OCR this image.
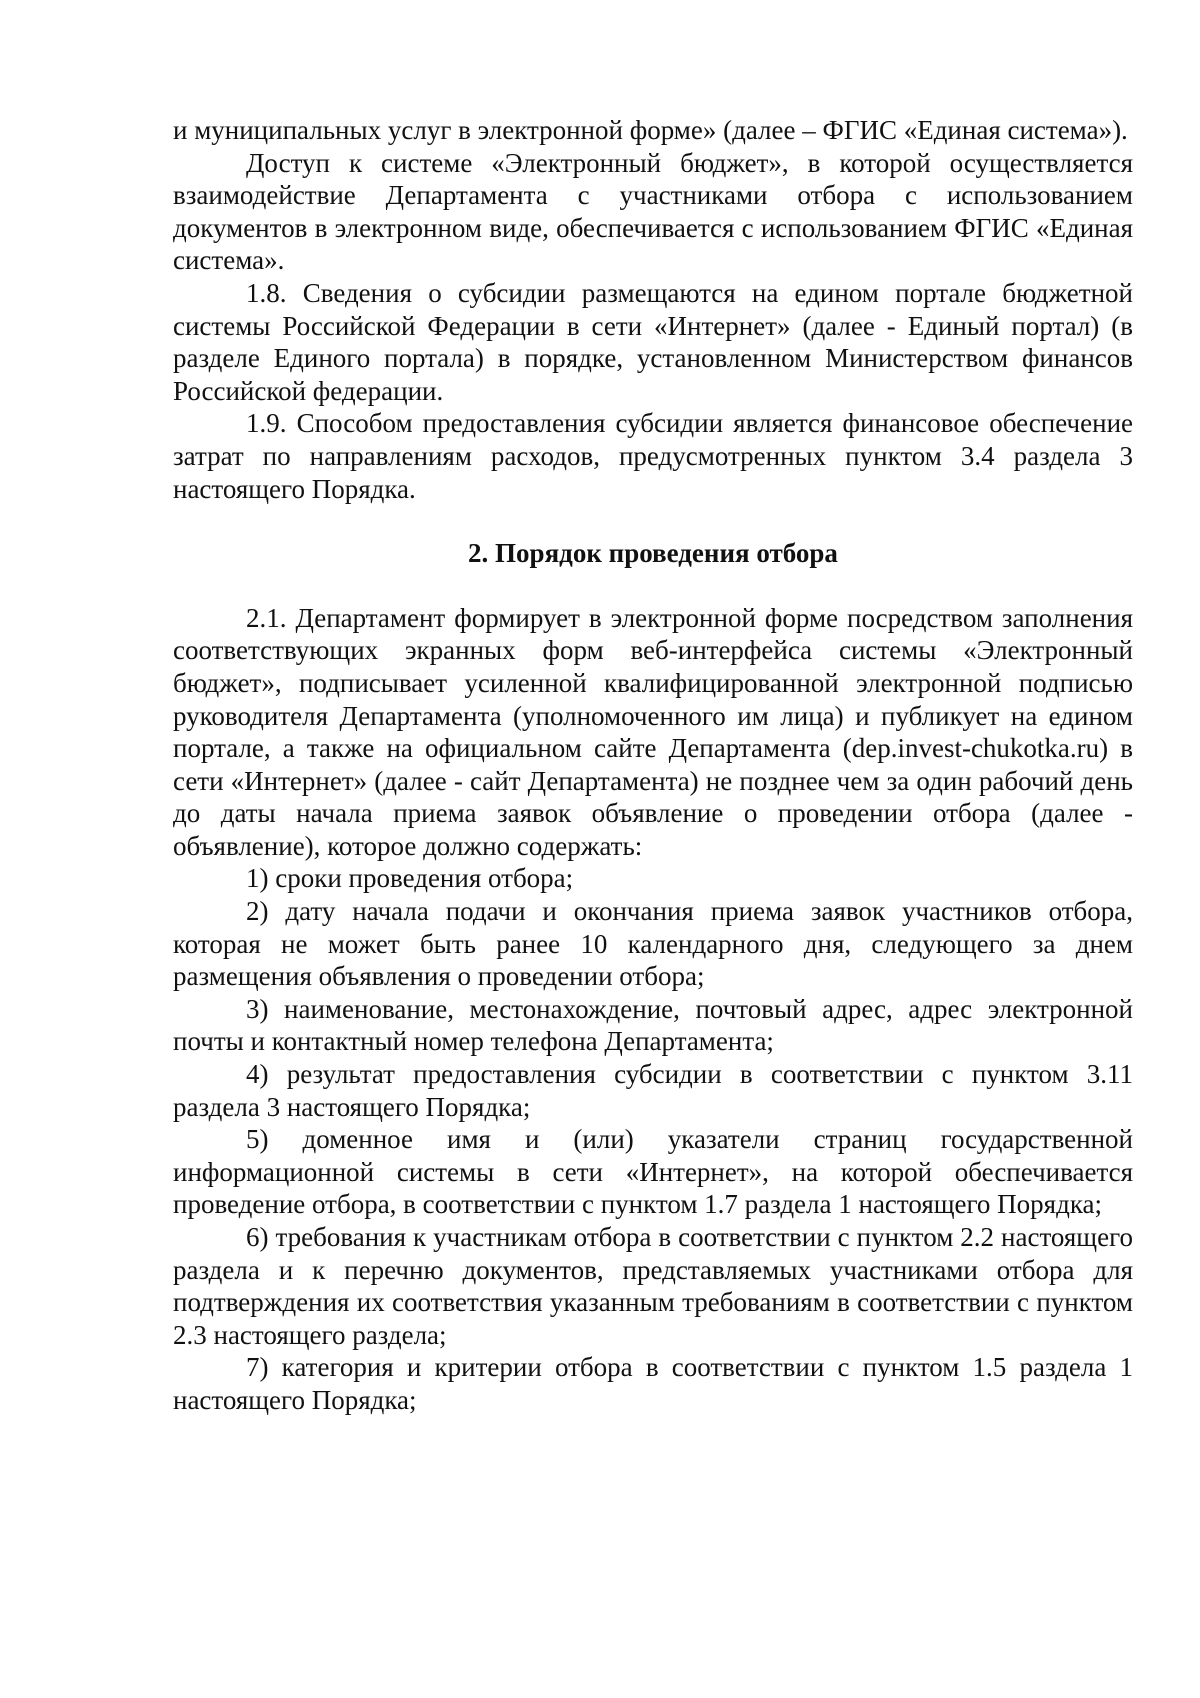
и муниципальных услуг в электронной форме» (далее – ФГИС «Единая система»).

Доступ к системе «Электронный бюджет», в которой осуществляется взаимодействие Департамента с участниками отбора с использованием документов в электронном виде, обеспечивается с использованием ФГИС «Единая система».

1.8. Сведения о субсидии размещаются на едином портале бюджетной системы Российской Федерации в сети «Интернет» (далее - Единый портал) (в разделе Единого портала) в порядке, установленном Министерством финансов Российской федерации.

1.9. Способом предоставления субсидии является финансовое обеспечение затрат по направлениям расходов, предусмотренных пунктом 3.4 раздела 3 настоящего Порядка.

2. Порядок проведения отбора

2.1. Департамент формирует в электронной форме посредством заполнения соответствующих экранных форм веб-интерфейса системы «Электронный бюджет», подписывает усиленной квалифицированной электронной подписью руководителя Департамента (уполномоченного им лица) и публикует на едином портале, а также на официальном сайте Департамента (dep.invest-chukotka.ru) в сети «Интернет» (далее - сайт Департамента) не позднее чем за один рабочий день до даты начала приема заявок объявление о проведении отбора (далее - объявление), которое должно содержать:

1) сроки проведения отбора;

2) дату начала подачи и окончания приема заявок участников отбора, которая не может быть ранее 10 календарного дня, следующего за днем размещения объявления о проведении отбора;

3) наименование, местонахождение, почтовый адрес, адрес электронной почты и контактный номер телефона Департамента;

4) результат предоставления субсидии в соответствии с пунктом 3.11 раздела 3 настоящего Порядка;

5) доменное имя и (или) указатели страниц государственной информационной системы в сети «Интернет», на которой обеспечивается проведение отбора, в соответствии с пунктом 1.7 раздела 1 настоящего Порядка;

6) требования к участникам отбора в соответствии с пунктом 2.2 настоящего раздела и к перечню документов, представляемых участниками отбора для подтверждения их соответствия указанным требованиям в соответствии с пунктом 2.3 настоящего раздела;

7) категория и критерии отбора в соответствии с пунктом 1.5 раздела 1 настоящего Порядка;
